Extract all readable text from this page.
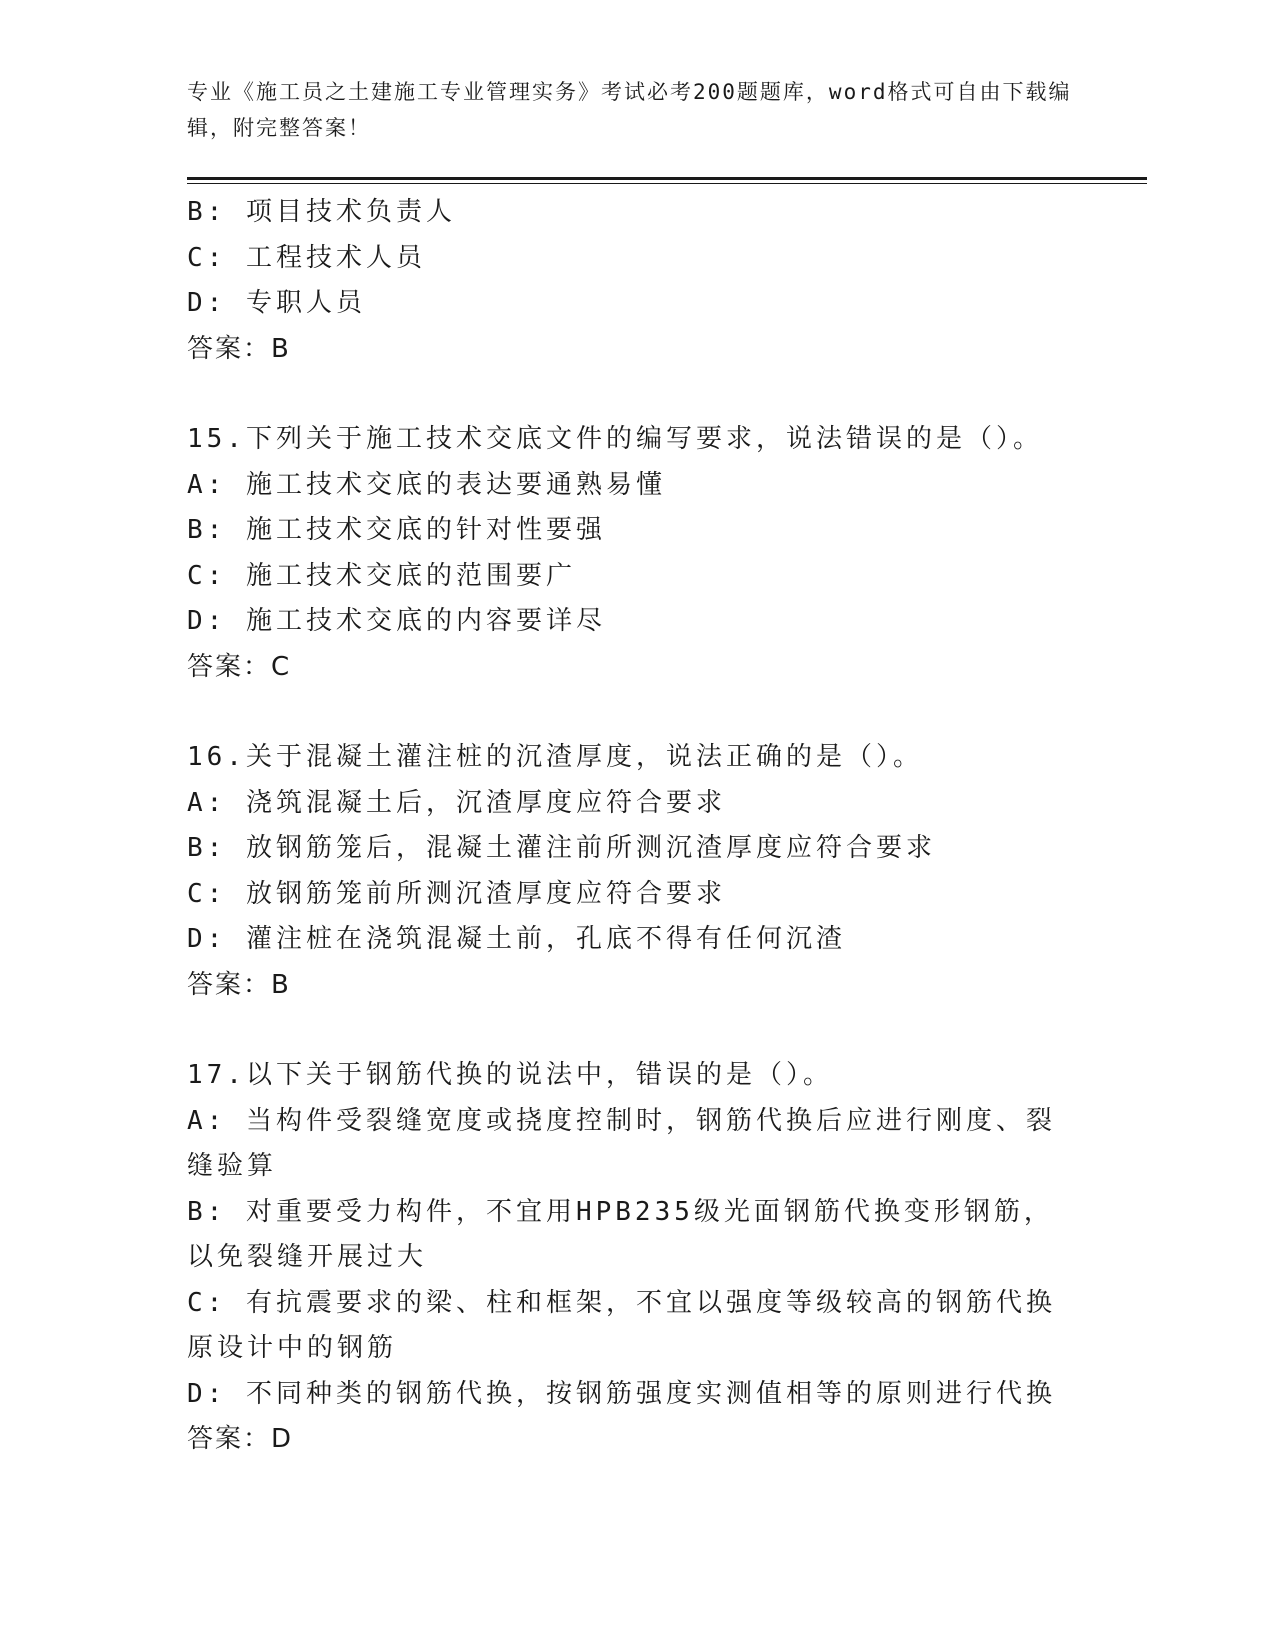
专业《施工员之土建施工专业管理实务》考试必考200题题库，word格式可自由下载编辑，附完整答案！
B: 项目技术负责人
C: 工程技术人员
D: 专职人员
答案：B
15.下列关于施工技术交底文件的编写要求，说法错误的是（）。
A: 施工技术交底的表达要通熟易懂
B: 施工技术交底的针对性要强
C: 施工技术交底的范围要广
D: 施工技术交底的内容要详尽
答案：C
16.关于混凝土灌注桩的沉渣厚度，说法正确的是（）。
A: 浇筑混凝土后，沉渣厚度应符合要求
B: 放钢筋笼后，混凝土灌注前所测沉渣厚度应符合要求
C: 放钢筋笼前所测沉渣厚度应符合要求
D: 灌注桩在浇筑混凝土前，孔底不得有任何沉渣
答案：B
17.以下关于钢筋代换的说法中，错误的是（）。
A: 当构件受裂缝宽度或挠度控制时，钢筋代换后应进行刚度、裂缝验算
B: 对重要受力构件，不宜用HPB235级光面钢筋代换变形钢筋，以免裂缝开展过大
C: 有抗震要求的梁、柱和框架，不宜以强度等级较高的钢筋代换原设计中的钢筋
D: 不同种类的钢筋代换，按钢筋强度实测值相等的原则进行代换
答案：D
